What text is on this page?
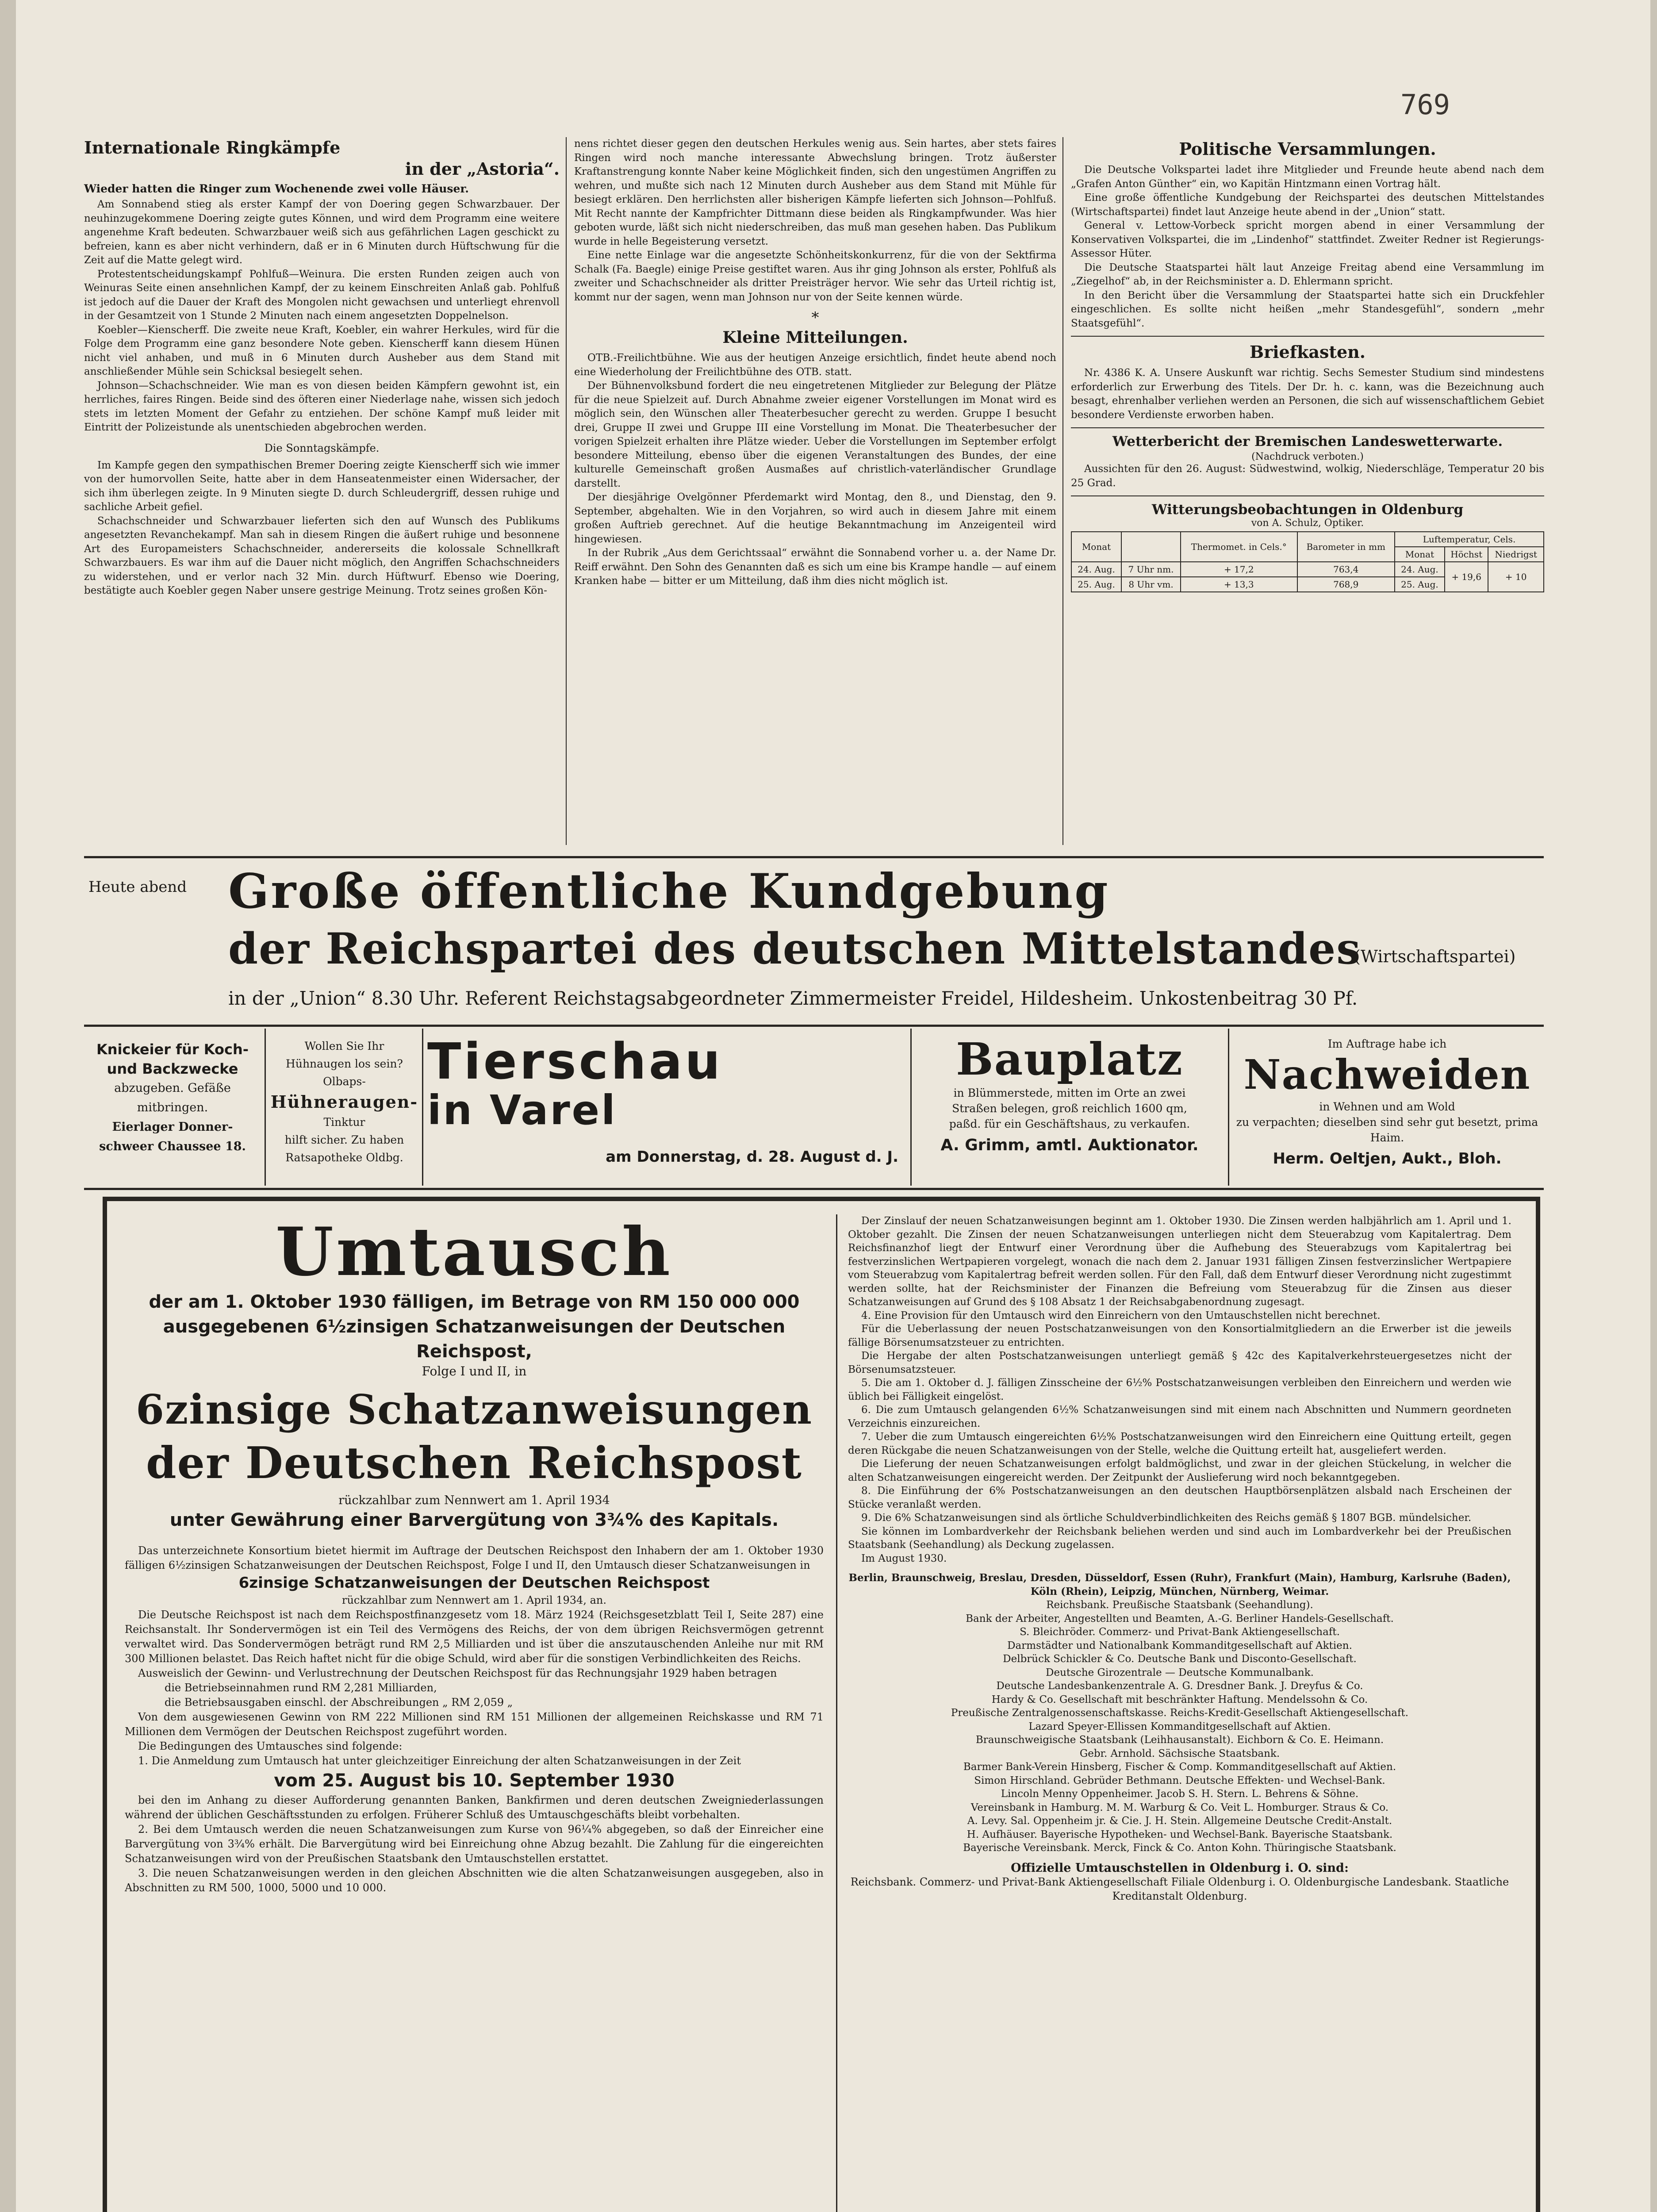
769
Internationale Ringkämpfe
in der „Astoria“.
Wieder hatten die Ringer zum Wochenende zwei volle Häuser.

Am Sonnabend stieg als erster Kampf der von Doering gegen Schwarzbauer. Der neuhinzugekommene Doering zeigte gutes Können, und wird dem Programm eine weitere angenehme Kraft bedeuten. Schwarzbauer weiß sich aus gefährlichen Lagen geschickt zu befreien, kann es aber nicht verhindern, daß er in 6 Minuten durch Hüftschwung für die Zeit auf die Matte gelegt wird.

Protestentscheidungskampf Pohlfuß—Weinura. Die ersten Runden zeigen auch von Weinuras Seite einen ansehnlichen Kampf, der zu keinem Einschreiten Anlaß gab. Pohlfuß ist jedoch auf die Dauer der Kraft des Mongolen nicht gewachsen und unterliegt ehrenvoll in der Gesamtzeit von 1 Stunde 2 Minuten nach einem angesetzten Doppelnelson.

Koebler—Kienscherff. Die zweite neue Kraft, Koebler, ein wahrer Herkules, wird für die Folge dem Programm eine ganz besondere Note geben. Kienscherff kann diesem Hünen nicht viel anhaben, und muß in 6 Minuten durch Ausheber aus dem Stand mit anschließender Mühle sein Schicksal besiegelt sehen.

Johnson—Schachschneider. Wie man es von diesen beiden Kämpfern gewohnt ist, ein herrliches, faires Ringen. Beide sind des öfteren einer Niederlage nahe, wissen sich jedoch stets im letzten Moment der Gefahr zu entziehen. Der schöne Kampf muß leider mit Eintritt der Polizeistunde als unentschieden abgebrochen werden.

Die Sonntagskämpfe.

Im Kampfe gegen den sympathischen Bremer Doering zeigte Kienscherff sich wie immer von der humorvollen Seite, hatte aber in dem Hanseatenmeister einen Widersacher, der sich ihm überlegen zeigte. In 9 Minuten siegte D. durch Schleudergriff, dessen ruhige und sachliche Arbeit gefiel.

Schachschneider und Schwarzbauer lieferten sich den auf Wunsch des Publikums angesetzten Revanchekampf. Man sah in diesem Ringen die äußert ruhige und besonnene Art des Europameisters Schachschneider, andererseits die kolossale Schnellkraft Schwarzbauers. Es war ihm auf die Dauer nicht möglich, den Angriffen Schachschneiders zu widerstehen, und er verlor nach 32 Min. durch Hüftwurf. Ebenso wie Doering, bestätigte auch Koebler gegen Naber unsere gestrige Meinung. Trotz seines großen Kön-

nens richtet dieser gegen den deutschen Herkules wenig aus. Sein hartes, aber stets faires Ringen wird noch manche interessante Abwechslung bringen. Trotz äußerster Kraftanstrengung konnte Naber keine Möglichkeit finden, sich den ungestümen Angriffen zu wehren, und mußte sich nach 12 Minuten durch Ausheber aus dem Stand mit Mühle für besiegt erklären. Den herrlichsten aller bisherigen Kämpfe lieferten sich Johnson—Pohlfuß. Mit Recht nannte der Kampfrichter Dittmann diese beiden als Ringkampfwunder. Was hier geboten wurde, läßt sich nicht niederschreiben, das muß man gesehen haben. Das Publikum wurde in helle Begeisterung versetzt.

Eine nette Einlage war die angesetzte Schönheitskonkurrenz, für die von der Sektfirma Schalk (Fa. Baegle) einige Preise gestiftet waren. Aus ihr ging Johnson als erster, Pohlfuß als zweiter und Schachschneider als dritter Preisträger hervor. Wie sehr das Urteil richtig ist, kommt nur der sagen, wenn man Johnson nur von der Seite kennen würde.

*
Kleine Mitteilungen.

OTB.-Freilichtbühne. Wie aus der heutigen Anzeige ersichtlich, findet heute abend noch eine Wiederholung der Freilichtbühne des OTB. statt.

Der Bühnenvolksbund fordert die neu eingetretenen Mitglieder zur Belegung der Plätze für die neue Spielzeit auf. Durch Abnahme zweier eigener Vorstellungen im Monat wird es möglich sein, den Wünschen aller Theaterbesucher gerecht zu werden. Gruppe I besucht drei, Gruppe II zwei und Gruppe III eine Vorstellung im Monat. Die Theaterbesucher der vorigen Spielzeit erhalten ihre Plätze wieder. Ueber die Vorstellungen im September erfolgt besondere Mitteilung, ebenso über die eigenen Veranstaltungen des Bundes, der eine kulturelle Gemeinschaft großen Ausmaßes auf christlich-vaterländischer Grundlage darstellt.

Der diesjährige Ovelgönner Pferdemarkt wird Montag, den 8., und Dienstag, den 9. September, abgehalten. Wie in den Vorjahren, so wird auch in diesem Jahre mit einem großen Auftrieb gerechnet. Auf die heutige Bekanntmachung im Anzeigenteil wird hingewiesen.

In der Rubrik „Aus dem Gerichtssaal“ erwähnt die Sonnabend vorher u. a. der Name Dr. Reiff erwähnt. Den Sohn des Genannten daß es sich um eine bis Krampe handle — auf einem Kranken habe — bitter er um Mitteilung, daß ihm dies nicht möglich ist.

Politische Versammlungen.

Die Deutsche Volkspartei ladet ihre Mitglieder und Freunde heute abend nach dem „Grafen Anton Günther“ ein, wo Kapitän Hintzmann einen Vortrag hält.

Eine große öffentliche Kundgebung der Reichspartei des deutschen Mittelstandes (Wirtschaftspartei) findet laut Anzeige heute abend in der „Union“ statt.

General v. Lettow-Vorbeck spricht morgen abend in einer Versammlung der Konservativen Volkspartei, die im „Lindenhof“ stattfindet. Zweiter Redner ist Regierungs-Assessor Hüter.

Die Deutsche Staatspartei hält laut Anzeige Freitag abend eine Versammlung im „Ziegelhof“ ab, in der Reichsminister a. D. Ehlermann spricht.

In den Bericht über die Versammlung der Staatspartei hatte sich ein Druckfehler eingeschlichen. Es sollte nicht heißen „mehr Standesgefühl“, sondern „mehr Staatsgefühl“.

Briefkasten.

Nr. 4386 K. A. Unsere Auskunft war richtig. Sechs Semester Studium sind mindestens erforderlich zur Erwerbung des Titels. Der Dr. h. c. kann, was die Bezeichnung auch besagt, ehrenhalber verliehen werden an Personen, die sich auf wissenschaftlichem Gebiet besondere Verdienste erworben haben.

Wetterbericht der Bremischen Landeswetterwarte.
(Nachdruck verboten.)

Aussichten für den 26. August: Südwestwind, wolkig, Niederschläge, Temperatur 20 bis 25 Grad.

Witterungsbeobachtungen in Oldenburg
von A. Schulz, Optiker.
Monat		Thermomet. in Cels.°	Barometer in mm	Luftemperatur, Cels.		
				Monat	Höchst	Niedrigst
24. Aug.	7 Uhr nm.	+ 17,2	763,4	24. Aug.	+ 19,6	+ 10
25. Aug.	8 Uhr vm.	+ 13,3	768,9	25. Aug.		
Heute abend Große öffentliche Kundgebung
der Reichspartei des deutschen Mittelstandes
(Wirtschaftspartei)
in der „Union“ 8.30 Uhr. Referent Reichstagsabgeordneter Zimmermeister Freidel, Hildesheim. Unkostenbeitrag 30 Pf.
Knickeier für Koch-
und Backzwecke
abzugeben. Gefäße
mitbringen.
Eierlager Donner-
schweer Chaussee 18.
Wollen Sie Ihr
Hühnaugen los sein?
Olbaps-
Hühneraugen-
Tinktur
hilft sicher. Zu haben
Ratsapotheke Oldbg.
Tierschau
in Varel
am Donnerstag, d. 28. August d. J.
Bauplatz
in Blümmerstede, mitten im Orte an zwei
Straßen belegen, groß reichlich 1600 qm,
paßd. für ein Geschäftshaus, zu verkaufen.
A. Grimm, amtl. Auktionator.
Im Auftrage habe ich
Nachweiden
in Wehnen und am Wold
zu verpachten; dieselben sind sehr gut besetzt, prima Haim.
Herm. Oeltjen, Aukt., Bloh.
Umtausch
der am 1. Oktober 1930 fälligen, im Betrage von RM 150 000 000
ausgegebenen 6½zinsigen Schatzanweisungen der Deutschen Reichspost,
Folge I und II, in
6zinsige Schatzanweisungen
der Deutschen Reichspost
rückzahlbar zum Nennwert am 1. April 1934
unter Gewährung einer Barvergütung von 3¾% des Kapitals.

Das unterzeichnete Konsortium bietet hiermit im Auftrage der Deutschen Reichspost den Inhabern der am 1. Oktober 1930 fälligen 6½zinsigen Schatzanweisungen der Deutschen Reichspost, Folge I und II, den Umtausch dieser Schatzanweisungen in

6zinsige Schatzanweisungen der Deutschen Reichspost

rückzahlbar zum Nennwert am 1. April 1934, an.

Die Deutsche Reichspost ist nach dem Reichspostfinanzgesetz vom 18. März 1924 (Reichsgesetzblatt Teil I, Seite 287) eine Reichsanstalt. Ihr Sondervermögen ist ein Teil des Vermögens des Reichs, der von dem übrigen Reichsvermögen getrennt verwaltet wird. Das Sondervermögen beträgt rund RM 2,5 Milliarden und ist über die anszutauschenden Anleihe nur mit RM 300 Millionen belastet. Das Reich haftet nicht für die obige Schuld, wird aber für die sonstigen Verbindlichkeiten des Reichs.

Ausweislich der Gewinn- und Verlustrechnung der Deutschen Reichspost für das Rechnungsjahr 1929 haben betragen

die Betriebseinnahmen rund RM 2,281 Milliarden,

die Betriebsausgaben einschl. der Abschreibungen „ RM 2,059 „

Von dem ausgewiesenen Gewinn von RM 222 Millionen sind RM 151 Millionen der allgemeinen Reichskasse und RM 71 Millionen dem Vermögen der Deutschen Reichspost zugeführt worden.

Die Bedingungen des Umtausches sind folgende:

1. Die Anmeldung zum Umtausch hat unter gleichzeitiger Einreichung der alten Schatzanweisungen in der Zeit

vom 25. August bis 10. September 1930

bei den im Anhang zu dieser Aufforderung genannten Banken, Bankfirmen und deren deutschen Zweigniederlassungen während der üblichen Geschäftsstunden zu erfolgen. Früherer Schluß des Umtauschgeschäfts bleibt vorbehalten.

2. Bei dem Umtausch werden die neuen Schatzanweisungen zum Kurse von 96¼% abgegeben, so daß der Einreicher eine Barvergütung von 3¾% erhält. Die Barvergütung wird bei Einreichung ohne Abzug bezahlt. Die Zahlung für die eingereichten Schatzanweisungen wird von der Preußischen Staatsbank den Umtauschstellen erstattet.

3. Die neuen Schatzanweisungen werden in den gleichen Abschnitten wie die alten Schatzanweisungen ausgegeben, also in Abschnitten zu RM 500, 1000, 5000 und 10 000.

Der Zinslauf der neuen Schatzanweisungen beginnt am 1. Oktober 1930. Die Zinsen werden halbjährlich am 1. April und 1. Oktober gezahlt. Die Zinsen der neuen Schatzanweisungen unterliegen nicht dem Steuerabzug vom Kapitalertrag. Dem Reichsfinanzhof liegt der Entwurf einer Verordnung über die Aufhebung des Steuerabzugs vom Kapitalertrag bei festverzinslichen Wertpapieren vorgelegt, wonach die nach dem 2. Januar 1931 fälligen Zinsen festverzinslicher Wertpapiere vom Steuerabzug vom Kapitalertrag befreit werden sollen. Für den Fall, daß dem Entwurf dieser Verordnung nicht zugestimmt werden sollte, hat der Reichsminister der Finanzen die Befreiung vom Steuerabzug für die Zinsen aus dieser Schatzanweisungen auf Grund des § 108 Absatz 1 der Reichsabgabenordnung zugesagt.

4. Eine Provision für den Umtausch wird den Einreichern von den Umtauschstellen nicht berechnet.

Für die Ueberlassung der neuen Postschatzanweisungen von den Konsortialmitgliedern an die Erwerber ist die jeweils fällige Börsenumsatzsteuer zu entrichten.

Die Hergabe der alten Postschatzanweisungen unterliegt gemäß § 42c des Kapitalverkehrsteuergesetzes nicht der Börsenumsatzsteuer.

5. Die am 1. Oktober d. J. fälligen Zinsscheine der 6½% Postschatzanweisungen verbleiben den Einreichern und werden wie üblich bei Fälligkeit eingelöst.

6. Die zum Umtausch gelangenden 6½% Schatzanweisungen sind mit einem nach Abschnitten und Nummern geordneten Verzeichnis einzureichen.

7. Ueber die zum Umtausch eingereichten 6½% Postschatzanweisungen wird den Einreichern eine Quittung erteilt, gegen deren Rückgabe die neuen Schatzanweisungen von der Stelle, welche die Quittung erteilt hat, ausgeliefert werden.

Die Lieferung der neuen Schatzanweisungen erfolgt baldmöglichst, und zwar in der gleichen Stückelung, in welcher die alten Schatzanweisungen eingereicht werden. Der Zeitpunkt der Auslieferung wird noch bekanntgegeben.

8. Die Einführung der 6% Postschatzanweisungen an den deutschen Hauptbörsenplätzen alsbald nach Erscheinen der Stücke veranlaßt werden.

9. Die 6% Schatzanweisungen sind als örtliche Schuldverbindlichkeiten des Reichs gemäß § 1807 BGB. mündelsicher.

Sie können im Lombardverkehr der Reichsbank beliehen werden und sind auch im Lombardverkehr bei der Preußischen Staatsbank (Seehandlung) als Deckung zugelassen.

Im August 1930.

Berlin, Braunschweig, Breslau, Dresden, Düsseldorf, Essen (Ruhr), Frankfurt (Main), Hamburg, Karlsruhe (Baden), Köln (Rhein), Leipzig, München, Nürnberg, Weimar.
Reichsbank. Preußische Staatsbank (Seehandlung).
Bank der Arbeiter, Angestellten und Beamten, A.-G. Berliner Handels-Gesellschaft.
S. Bleichröder. Commerz- und Privat-Bank Aktiengesellschaft.
Darmstädter und Nationalbank Kommanditgesellschaft auf Aktien.
Delbrück Schickler & Co. Deutsche Bank und Disconto-Gesellschaft.
Deutsche Girozentrale — Deutsche Kommunalbank.
Deutsche Landesbankenzentrale A. G. Dresdner Bank. J. Dreyfus & Co.
Hardy & Co. Gesellschaft mit beschränkter Haftung. Mendelssohn & Co.
Preußische Zentralgenossenschaftskasse. Reichs-Kredit-Gesellschaft Aktiengesellschaft.
Lazard Speyer-Ellissen Kommanditgesellschaft auf Aktien.
Braunschweigische Staatsbank (Leihhausanstalt). Eichborn & Co. E. Heimann.
Gebr. Arnhold. Sächsische Staatsbank.
Barmer Bank-Verein Hinsberg, Fischer & Comp. Kommanditgesellschaft auf Aktien.
Simon Hirschland. Gebrüder Bethmann. Deutsche Effekten- und Wechsel-Bank.
Lincoln Menny Oppenheimer. Jacob S. H. Stern. L. Behrens & Söhne.
Vereinsbank in Hamburg. M. M. Warburg & Co. Veit L. Homburger. Straus & Co.
A. Levy. Sal. Oppenheim jr. & Cie. J. H. Stein. Allgemeine Deutsche Credit-Anstalt.
H. Aufhäuser. Bayerische Hypotheken- und Wechsel-Bank. Bayerische Staatsbank.
Bayerische Vereinsbank. Merck, Finck & Co. Anton Kohn. Thüringische Staatsbank.
Offizielle Umtauschstellen in Oldenburg i. O. sind:
Reichsbank. Commerz- und Privat-Bank Aktiengesellschaft Filiale Oldenburg i. O. Oldenburgische Landesbank. Staatliche Kreditanstalt Oldenburg.
